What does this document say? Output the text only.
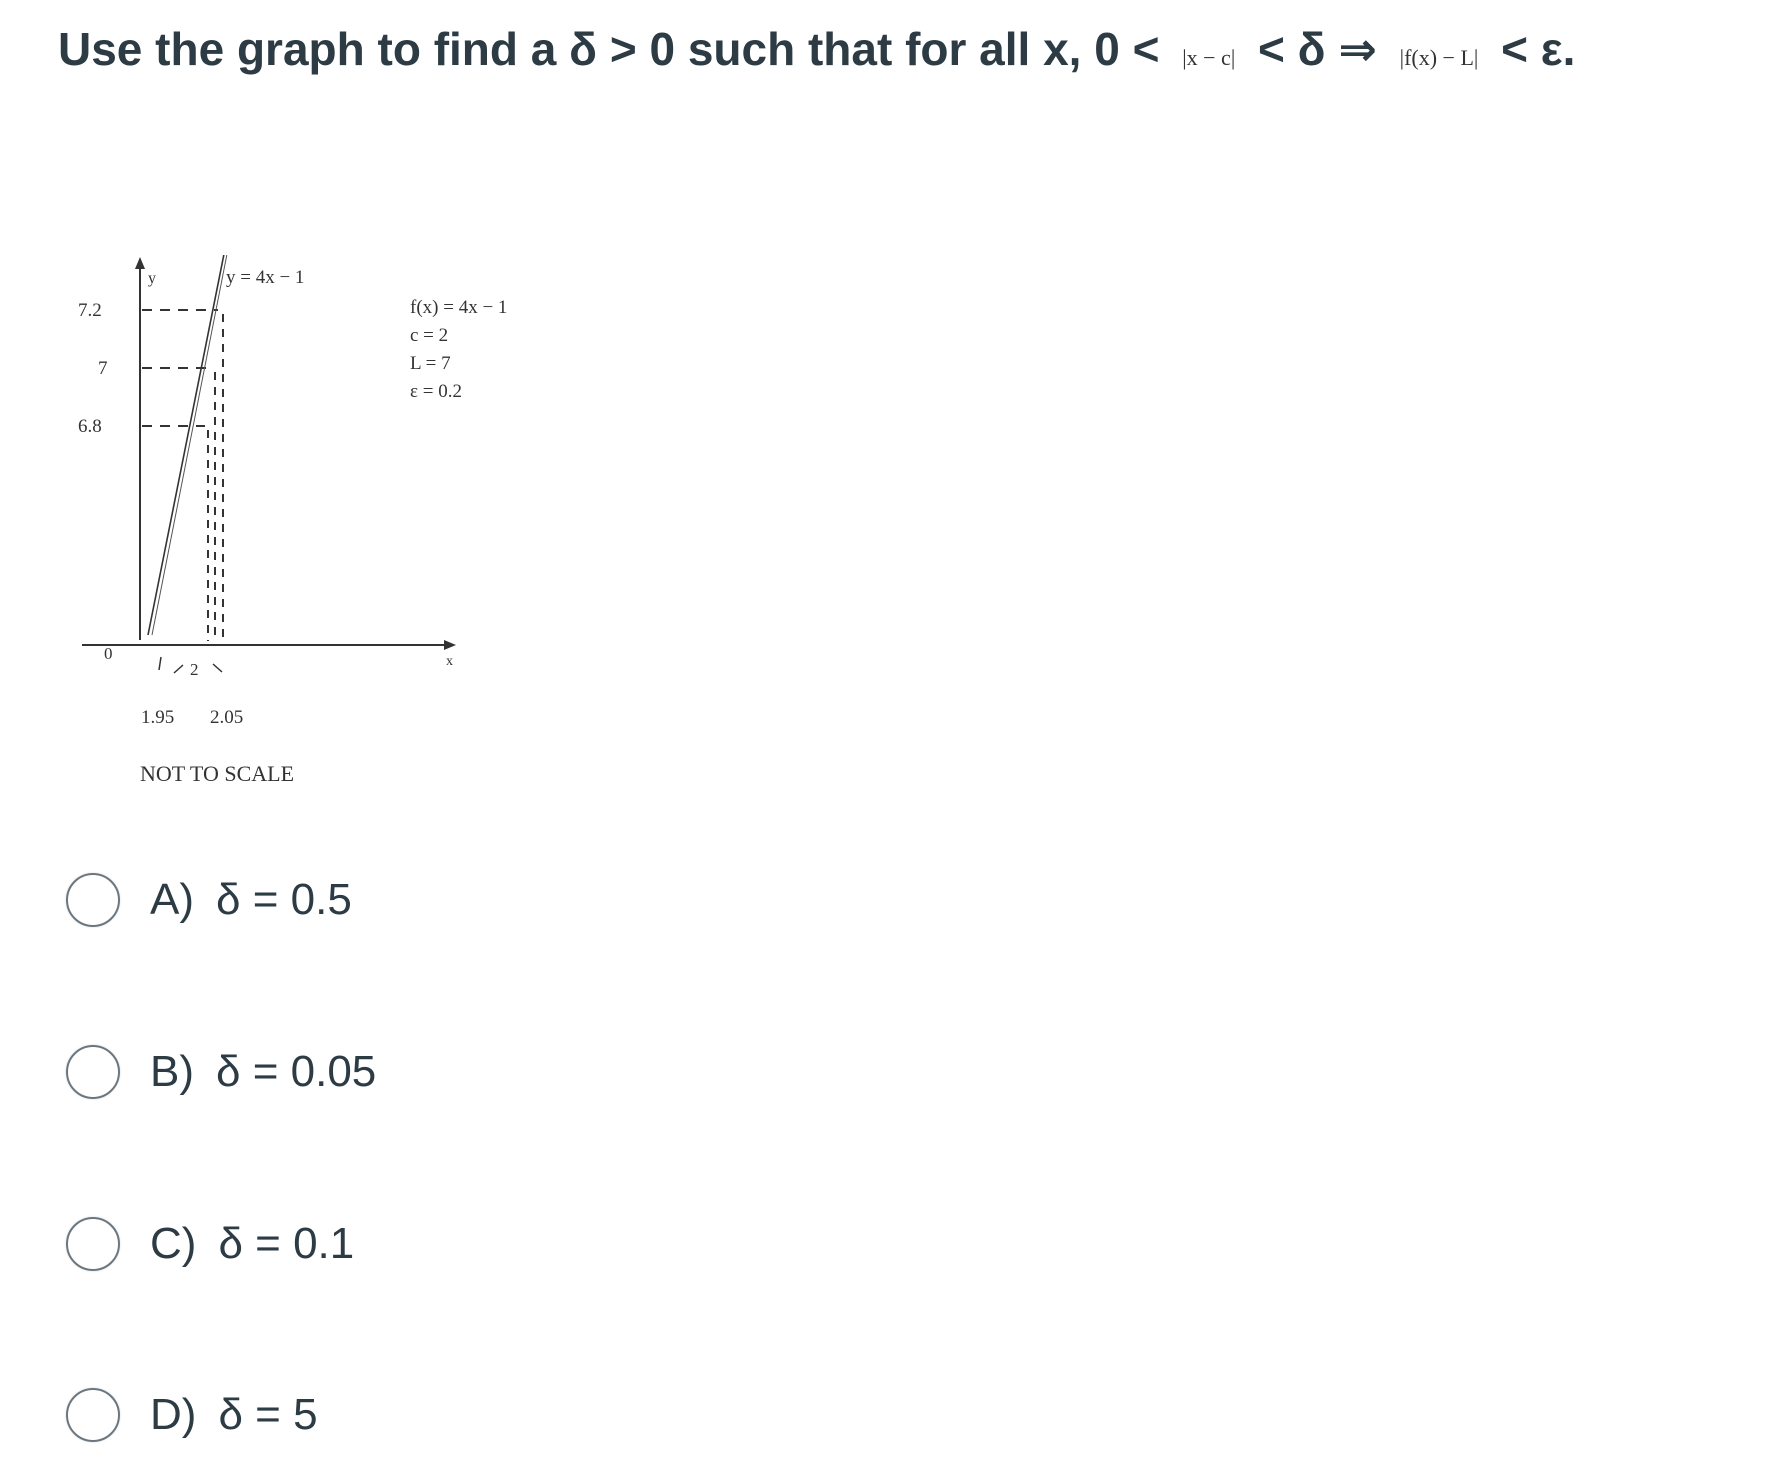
Use the graph to find a δ > 0 such that for all x, 0 < |x − c| < δ ⇒ |f(x) − L| < ε.
y
x
7.2
7
6.8
0
y = 4x − 1
2
1.95 2.05
NOT TO SCALE
f(x) = 4x − 1
c = 2
L = 7
ε = 0.2
A) δ = 0.5
B) δ = 0.05
C) δ = 0.1
D) δ = 5
